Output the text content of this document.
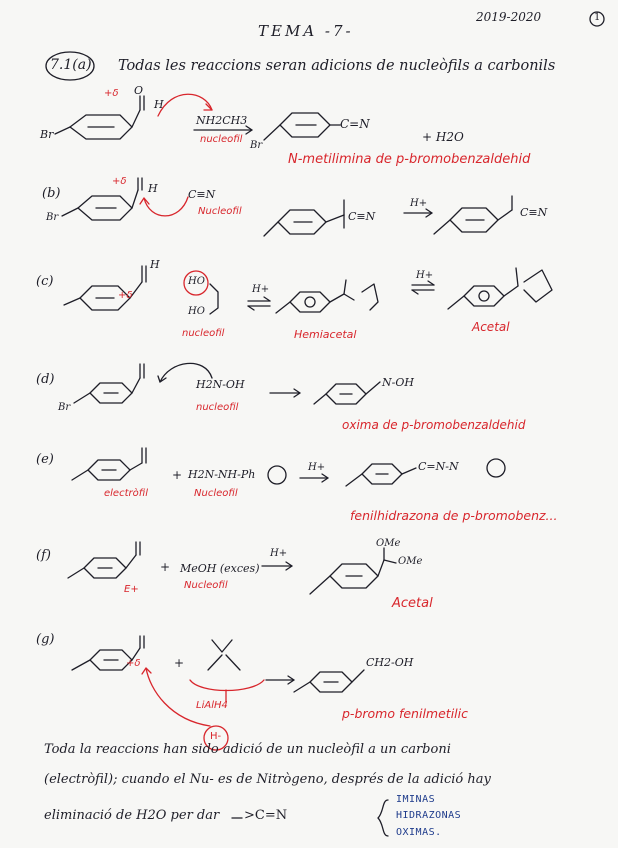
TEMA -7-
2019-2020	1
7.1(a) Todas les reaccions seran adicions de nucleòfils a carbonils
Br
+δ O
H
NH2CH3
nucleofil
Br
C=N
+ H2O
N-metilimina de p-bromobenzaldehid
(b)
Br
+δ
H	C≡N
Nucleofil	C≡N
H+
C≡N
(c)
+δ
H
HO
HO
nucleofil
H+
Hemiacetal
H+
Acetal
(d)
Br
H2N-OH
nucleofil
N-OH
oxima de p-bromobenzaldehid
(e)
electròfil
+ H2N-NH-Ph
Nucleofil
H+	C=N-N
fenilhidrazona de p-bromobenz...
(f)
E+
+ MeOH (exces)
Nucleofil
H+
OMe
OMe
Acetal
(g)
+δ	+
LiAlH4
H-
CH2-OH
p-bromo fenilmetilic
Toda la reaccions han sido adició de un nucleòfil a un carboni
(electròfil); cuando el Nu- es de Nitrògeno, després de la adició hay
eliminació de H2O per dar >C=N
IMINAS
HIDRAZONAS
OXIMAS.
